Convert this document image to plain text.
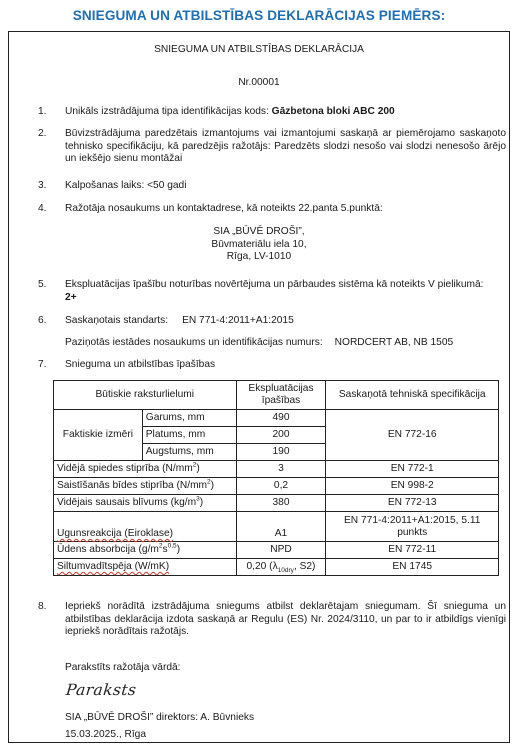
SNIEGUMA UN ATBILSTĪBAS DEKLARĀCIJAS PIEMĒRS:
SNIEGUMA UN ATBILSTĪBAS DEKLARĀCIJA
Nr.00001
1.	Unikāls izstrādājuma tipa identifikācijas kods: Gāzbetona bloki ABC 200
2.	Būvizstrādājuma paredzētais izmantojums vai izmantojumi saskaņā ar piemērojamo saskaņoto tehnisko specifikāciju, kā paredzējis ražotājs: Paredzēts slodzi nesošo vai slodzi nenesošo ārējo un iekšējo sienu montāžai
3.	Kalpošanas laiks: <50 gadi
4.	Ražotāja nosaukums un kontaktadrese, kā noteikts 22.panta 5.punktā:
SIA „BŪVĒ DROŠI”,
Būvmateriālu iela 10,
Rīga, LV-1010
5.	Ekspluatācijas īpašību noturības novērtējuma un pārbaudes sistēma kā noteikts V pielikumā:
2+
6.	Saskaņotais standarts: EN 771-4:2011+A1:2015
Paziņotās iestādes nosaukums un identifikācijas numurs: NORDCERT AB, NB 1505
7.	Snieguma un atbilstības īpašības
Būtiskie raksturlielumi		Ekspluatācijas īpašības	Saskaņotā tehniskā specifikācija
Faktiskie izmēri	Garums, mm	490	EN 772-16
	Platums, mm	200	
	Augstums, mm	190	
Vidējā spiedes stiprība $(N/mm^2)$		3	EN 772-1
Saistīšanās bīdes stiprība $(N/mm^2)$		0,2	EN 998-2
Vidējais sausais blīvums $(kg/m^3)$		380	EN 772-13
Ugunsreakcija (Eiroklase)		A1	EN 771-4:2011+A1:2015, 5.11 punkts
Ūdens absorbcija $(g/m^2s^{0,5})$		NPD	EN 772-11
Siltumvadītspēja (W/mK)		0,20 ($\lambda_{10dry}$, S2)	EN 1745
8.	Iepriekš norādītā izstrādājuma sniegums atbilst deklarētajam sniegumam. Šī snieguma un atbilstības deklarācija izdota saskaņā ar Regulu (ES) Nr. 2024/3110, un par to ir atbildīgs vienīgi iepriekš norādītais ražotājs.
Parakstīts ražotāja vārdā:
Paraksts
SIA „BŪVĒ DROŠI” direktors: A. Būvnieks
15.03.2025., Rīga
